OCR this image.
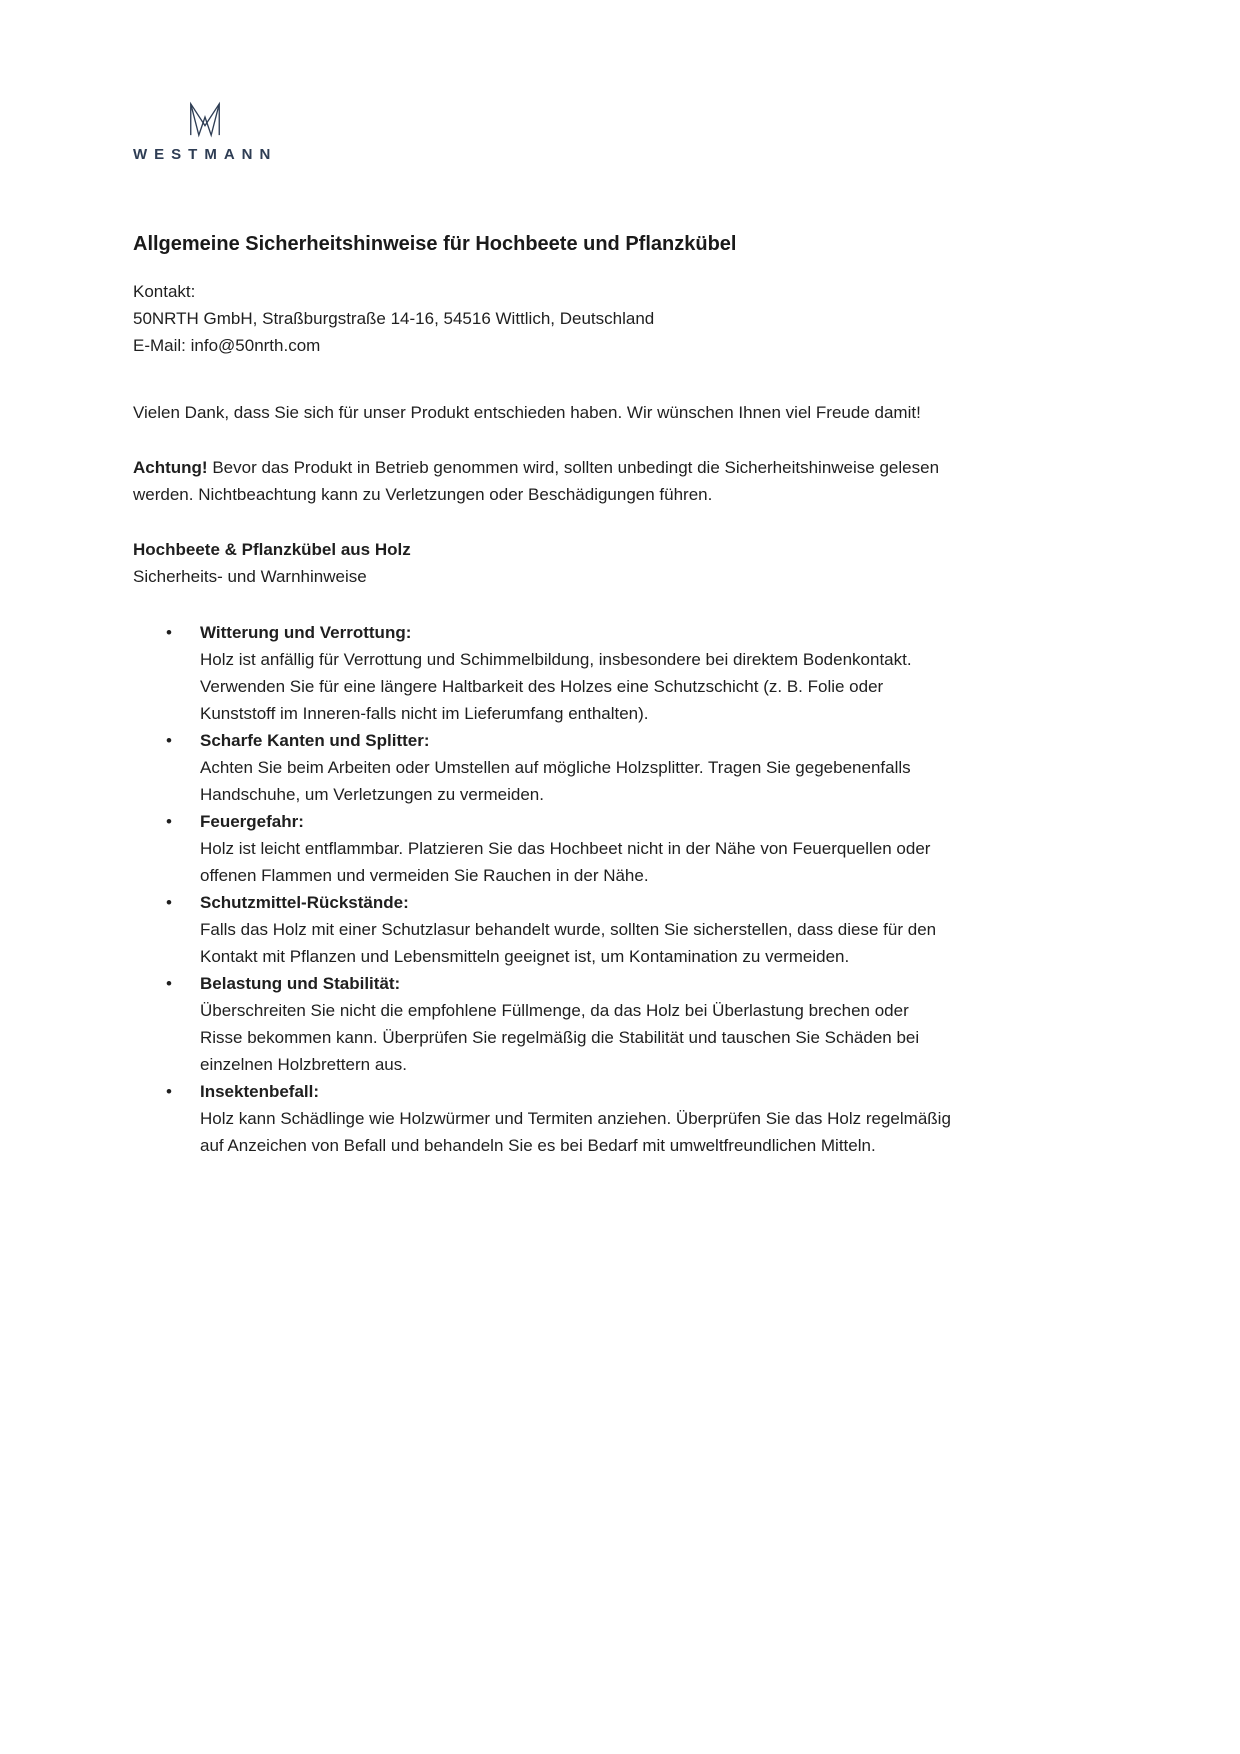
WESTMANN
Allgemeine Sicherheitshinweise für Hochbeete und Pflanzkübel
Kontakt:
50NRTH GmbH, Straßburgstraße 14-16, 54516 Wittlich, Deutschland
E-Mail: info@50nrth.com

Vielen Dank, dass Sie sich für unser Produkt entschieden haben. Wir wünschen Ihnen viel Freude damit!

Achtung! Bevor das Produkt in Betrieb genommen wird, sollten unbedingt die Sicherheitshinweise gelesen werden. Nichtbeachtung kann zu Verletzungen oder Beschädigungen führen.

Hochbeete & Pflanzkübel aus Holz

Sicherheits- und Warnhinweise

• Witterung und Verrottung:
Holz ist anfällig für Verrottung und Schimmelbildung, insbesondere bei direktem Bodenkontakt. Verwenden Sie für eine längere Haltbarkeit des Holzes eine Schutzschicht (z. B. Folie oder Kunststoff im Inneren-falls nicht im Lieferumfang enthalten).
• Scharfe Kanten und Splitter:
Achten Sie beim Arbeiten oder Umstellen auf mögliche Holzsplitter. Tragen Sie gegebenenfalls Handschuhe, um Verletzungen zu vermeiden.
• Feuergefahr:
Holz ist leicht entflammbar. Platzieren Sie das Hochbeet nicht in der Nähe von Feuerquellen oder offenen Flammen und vermeiden Sie Rauchen in der Nähe.
• Schutzmittel-Rückstände:
Falls das Holz mit einer Schutzlasur behandelt wurde, sollten Sie sicherstellen, dass diese für den Kontakt mit Pflanzen und Lebensmitteln geeignet ist, um Kontamination zu vermeiden.
• Belastung und Stabilität:
Überschreiten Sie nicht die empfohlene Füllmenge, da das Holz bei Überlastung brechen oder Risse bekommen kann. Überprüfen Sie regelmäßig die Stabilität und tauschen Sie Schäden bei einzelnen Holzbrettern aus.
• Insektenbefall:
Holz kann Schädlinge wie Holzwürmer und Termiten anziehen. Überprüfen Sie das Holz regelmäßig auf Anzeichen von Befall und behandeln Sie es bei Bedarf mit umweltfreundlichen Mitteln.
